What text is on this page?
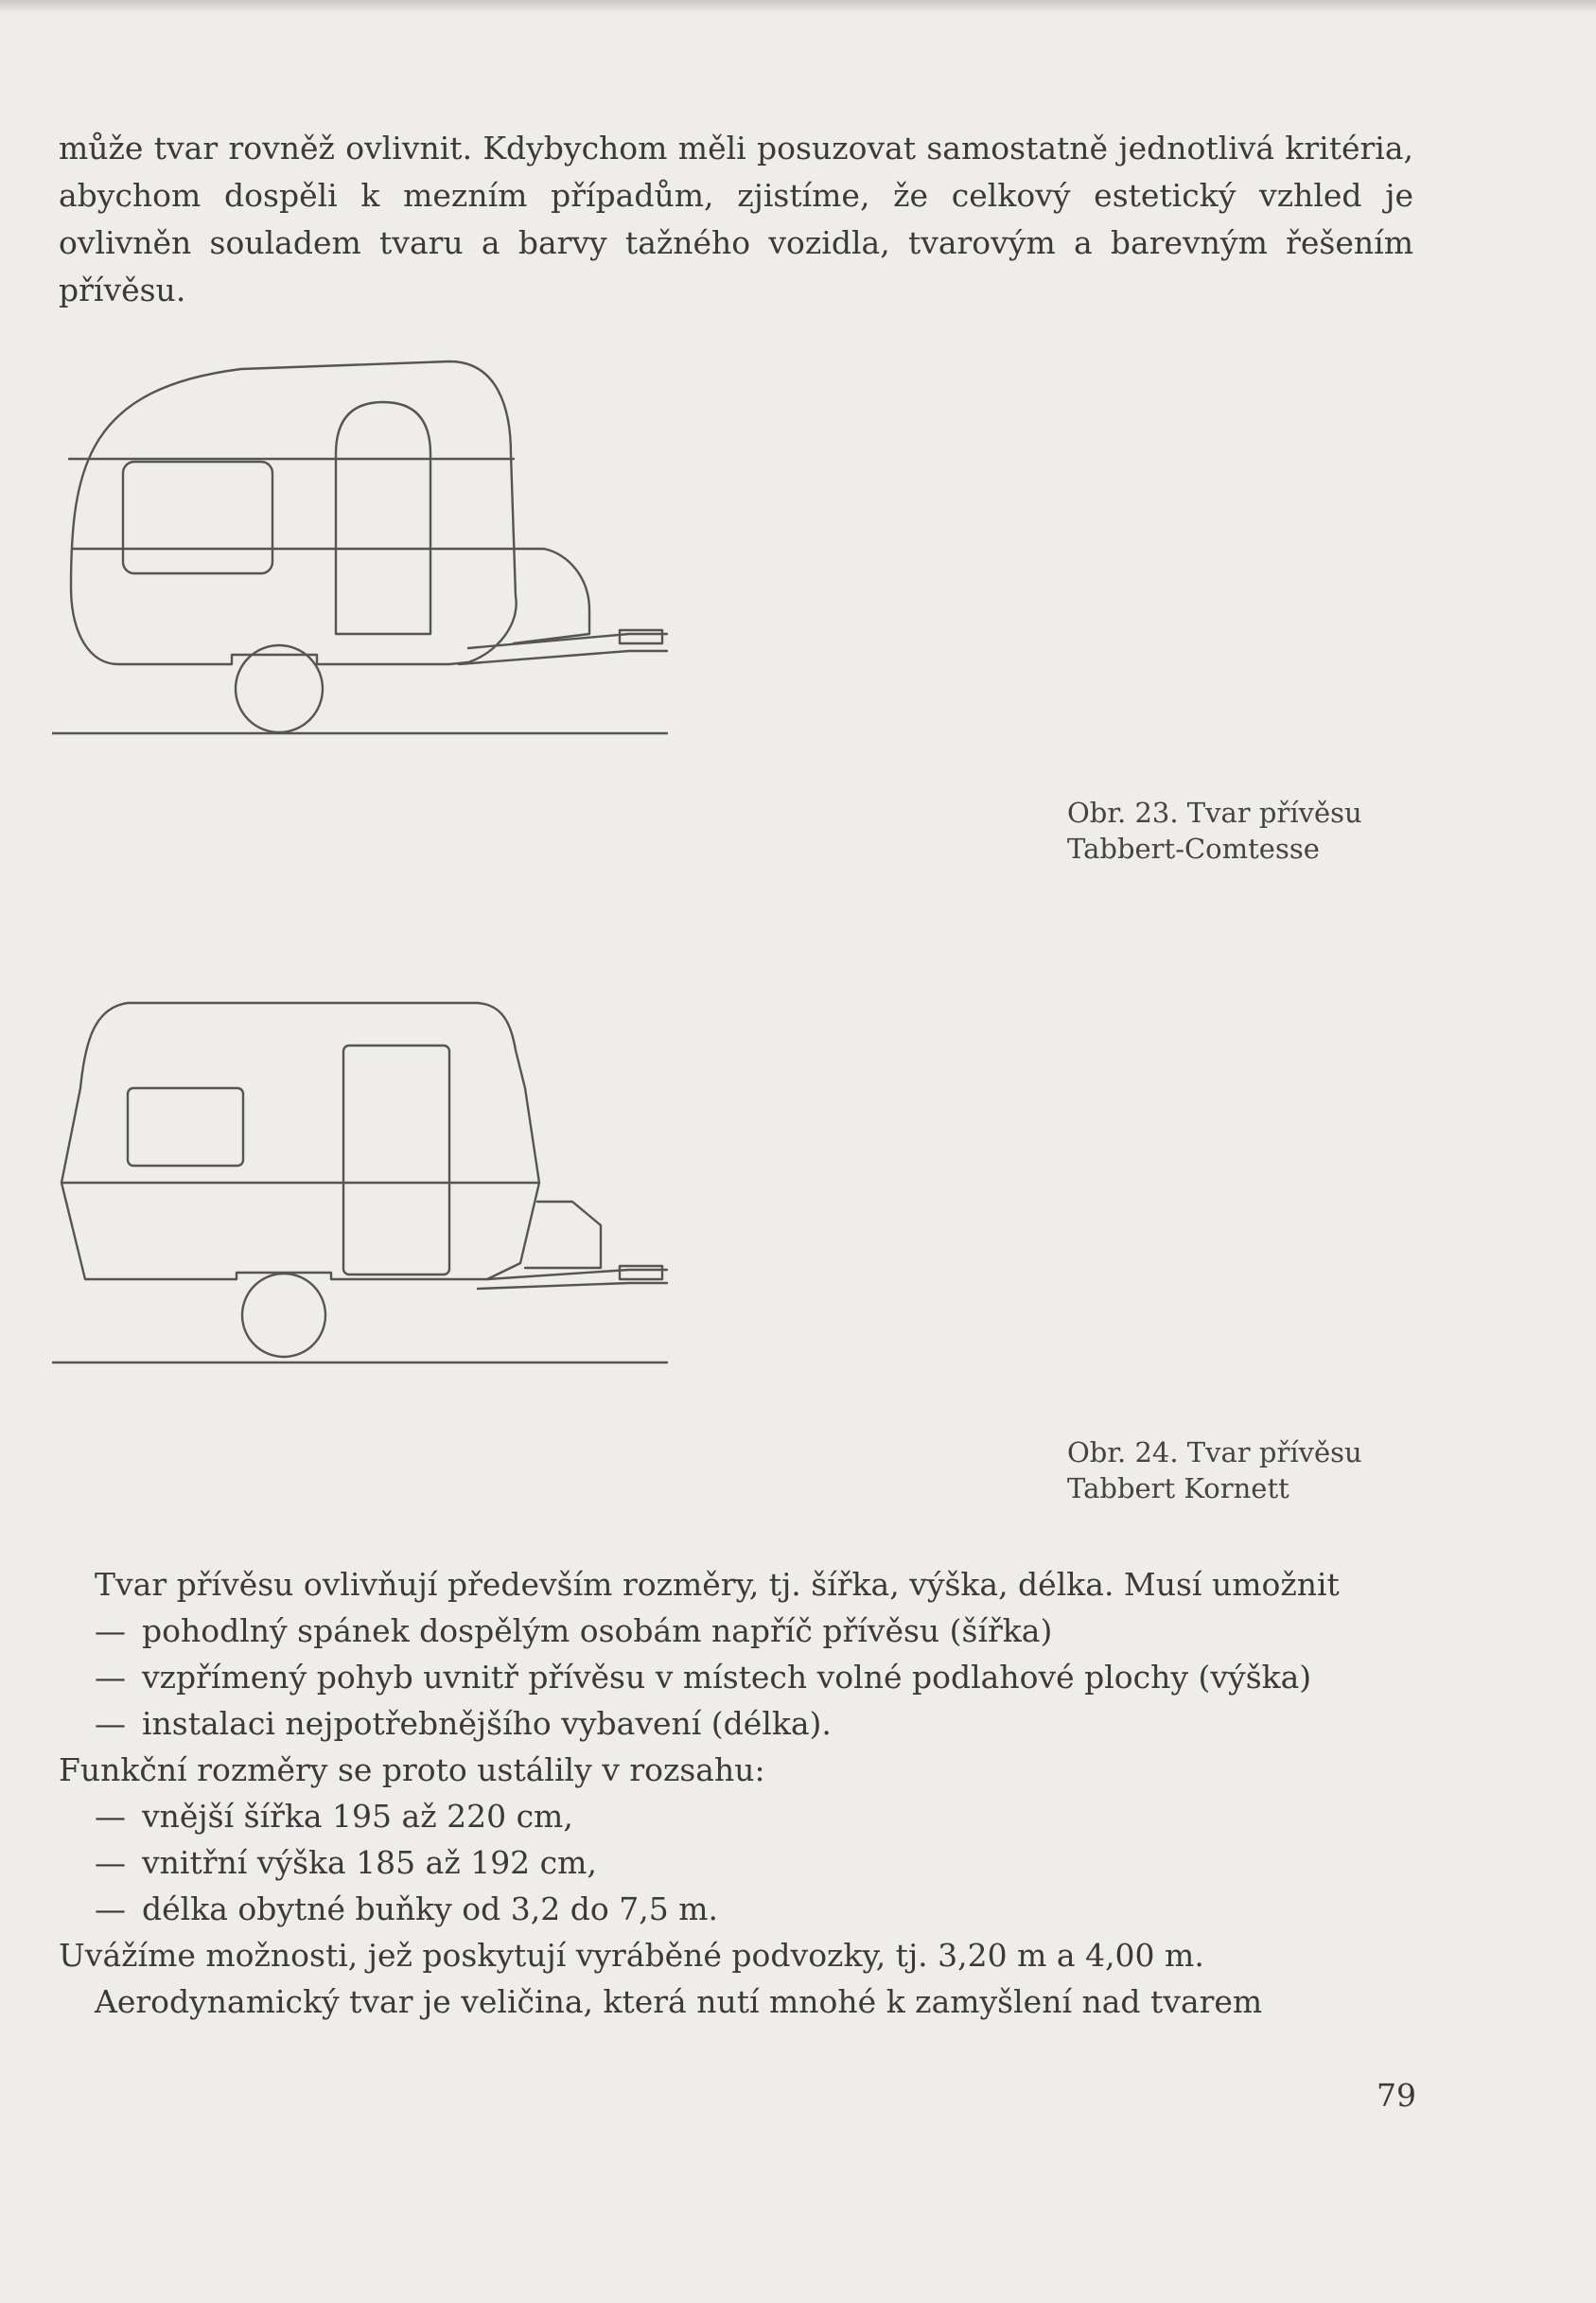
může tvar rovněž ovlivnit. Kdybychom měli posuzovat samostatně jednotlivá kritéria, abychom dospěli k mezním případům, zjistíme, že celkový estetický vzhled je ovlivněn souladem tvaru a barvy tažného vozidla, tvarovým a barevným řešením přívěsu.

Obr. 23. Tvar přívěsu
Tabbert-Comtesse
Obr. 24. Tvar přívěsu
Tabbert Kornett

Tvar přívěsu ovlivňují především rozměry, tj. šířka, výška, délka. Musí umožnit

— pohodlný spánek dospělým osobám napříč přívěsu (šířka)

— vzpřímený pohyb uvnitř přívěsu v místech volné podlahové plochy (výška)

— instalaci nejpotřebnějšího vybavení (délka).

Funkční rozměry se proto ustálily v rozsahu:

— vnější šířka 195 až 220 cm,

— vnitřní výška 185 až 192 cm,

— délka obytné buňky od 3,2 do 7,5 m.

Uvážíme možnosti, jež poskytují vyráběné podvozky, tj. 3,20 m a 4,00 m.

Aerodynamický tvar je veličina, která nutí mnohé k zamyšlení nad tvarem

79
